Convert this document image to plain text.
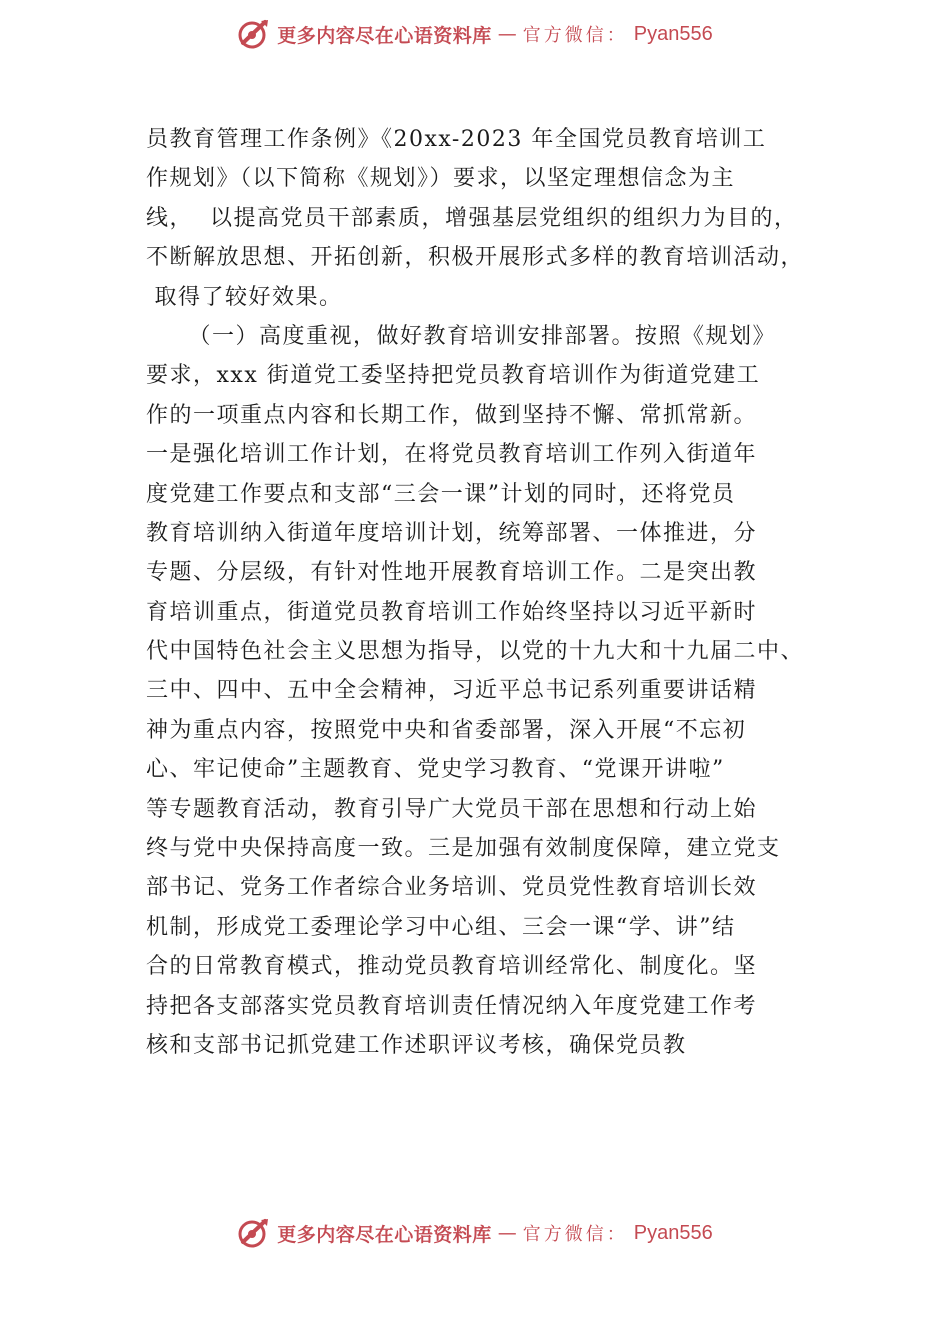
更多内容尽在心语资料库 — 官方微信： Pyan556
员教育管理工作条例》《20xx-2023 年全国党员教育培训工
作规划》（以下简称《规划》）要求，以坚定理想信念为主
线，  以提高党员干部素质，增强基层党组织的组织力为目的，
不断解放思想、开拓创新，积极开展形式多样的教育培训活动，
取得了较好效果。
（一）高度重视，做好教育培训安排部署。按照《规划》
要求，xxx 街道党工委坚持把党员教育培训作为街道党建工
作的一项重点内容和长期工作，做到坚持不懈、常抓常新。
一是强化培训工作计划，在将党员教育培训工作列入街道年
度党建工作要点和支部“三会一课”计划的同时，还将党员
教育培训纳入街道年度培训计划，统筹部署、一体推进，分
专题、分层级，有针对性地开展教育培训工作。二是突出教
育培训重点，街道党员教育培训工作始终坚持以习近平新时
代中国特色社会主义思想为指导，以党的十九大和十九届二中、
三中、四中、五中全会精神，习近平总书记系列重要讲话精
神为重点内容，按照党中央和省委部署，深入开展“不忘初
心、牢记使命”主题教育、党史学习教育、“党课开讲啦”
等专题教育活动，教育引导广大党员干部在思想和行动上始
终与党中央保持高度一致。三是加强有效制度保障，建立党支
部书记、党务工作者综合业务培训、党员党性教育培训长效
机制，形成党工委理论学习中心组、三会一课“学、讲”结
合的日常教育模式，推动党员教育培训经常化、制度化。坚
持把各支部落实党员教育培训责任情况纳入年度党建工作考
核和支部书记抓党建工作述职评议考核，确保党员教
更多内容尽在心语资料库 — 官方微信： Pyan556
